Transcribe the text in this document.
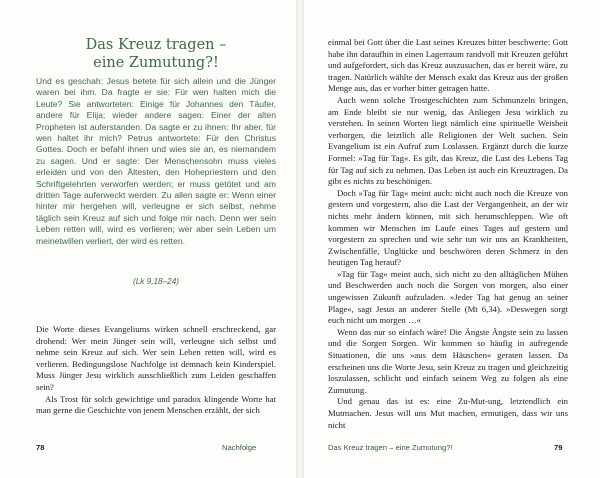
Das Kreuz tragen –
eine Zumutung?!

Und es geschah: Jesus betete für sich allein und die Jünger waren bei ihm. Da fragte er sie: Für wen halten mich die Leute? Sie antworteten: Einige für Johannes den Täufer, andere für Elija; wieder andere sagen: Einer der alten Propheten ist auferstanden. Da sagte er zu ihnen: Ihr aber, für wen haltet ihr mich? Petrus antwortete: Für den Christus Gottes. Doch er befahl ihnen und wies sie an, es niemandem zu sagen. Und er sagte: Der Menschensohn muss vieles erleiden und von den Ältesten, den Hohepriestern und den Schriftgelehrten verworfen werden; er muss getötet und am dritten Tage auferweckt werden. Zu allen sagte er: Wenn einer hinter mir hergehen will, verleugne er sich selbst, nehme täglich sein Kreuz auf sich und folge mir nach. Denn wer sein Leben retten will, wird es verlieren; wer aber sein Leben um meinetwillen verliert, der wird es retten.

(Lk 9,18–24)

Die Worte dieses Evangeliums wirken schnell erschreckend, gar drohend: Wer mein Jünger sein will, verleugne sich selbst und nehme sein Kreuz auf sich. Wer sein Leben retten will, wird es verlieren. Bedingungslose Nachfolge ist demnach kein Kinderspiel. Muss Jünger Jesu wirklich ausschließlich zum Leiden geschaffen sein?

Als Trost für solch gewichtige und paradox klingende Worte hat man gerne die Geschichte von jenem Menschen erzählt, der sich

einmal bei Gott über die Last seines Kreuzes bitter beschwerte: Gott habe ihn daraufhin in einen Lagerraum randvoll mit Kreuzen geführt und aufgefordert, sich das Kreuz auszusuchen, das er bereit wäre, zu tragen. Natürlich wählte der Mensch exakt das Kreuz aus der großen Menge aus, das er vorher bitter getragen hatte.

Auch wenn solche Trostgeschichten zum Schmunzeln bringen, am Ende bleibt sie nur wenig, das Anliegen Jesu wirklich zu verstehen. In seinen Worten liegt nämlich eine spirituelle Weisheit verborgen, die letztlich alle Religionen der Welt suchen. Sein Evangelium ist ein Aufruf zum Loslassen. Ergänzt durch die kurze Formel: »Tag für Tag«. Es gilt, das Kreuz, die Last des Lebens Tag für Tag auf sich zu nehmen. Das Leben ist auch ein Kreuztragen. Da gibt es nichts zu beschönigen.

Doch »Tag für Tag« meint auch: nicht auch noch die Kreuze von gestern und vorgestern, also die Last der Vergangenheit, an der wir nichts mehr ändern können, mit sich herumschleppen. Wie oft kommen wir Menschen im Laufe eines Tages auf gestern und vorgestern zu sprechen und wie sehr tun wir uns an Krankheiten, Zwischenfälle, Unglücke und beschwören deren Schmerz in den heutigen Tag herauf?

»Tag für Tag« meint auch, sich nicht zu den alltäglichen Mühen und Beschwerden auch noch die Sorgen von morgen, also einer ungewissen Zukunft aufzuladen. »Jeder Tag hat genug an seiner Plage«, sagt Jesus an anderer Stelle (Mt 6,34). »Deswegen sorgt euch nicht um morgen …«

Wenn das nur so einfach wäre! Die Ängste Ängste sein zu lassen und die Sorgen Sorgen. Wir kommen so häufig in aufregende Situationen, die uns »aus dem Häuschen« geraten lassen. Da erscheinen uns die Worte Jesu, sein Kreuz zu tragen und gleichzeitig loszulassen, schlicht und einfach seinem Weg zu folgen als eine Zumutung.

Und genau das ist es: eine Zu-Mut-ung, letztendlich ein Mutmachen. Jesus will uns Mut machen, ermutigen, dass wir uns nicht

78	Nachfolge	Das Kreuz tragen – eine Zumutung?!	79
